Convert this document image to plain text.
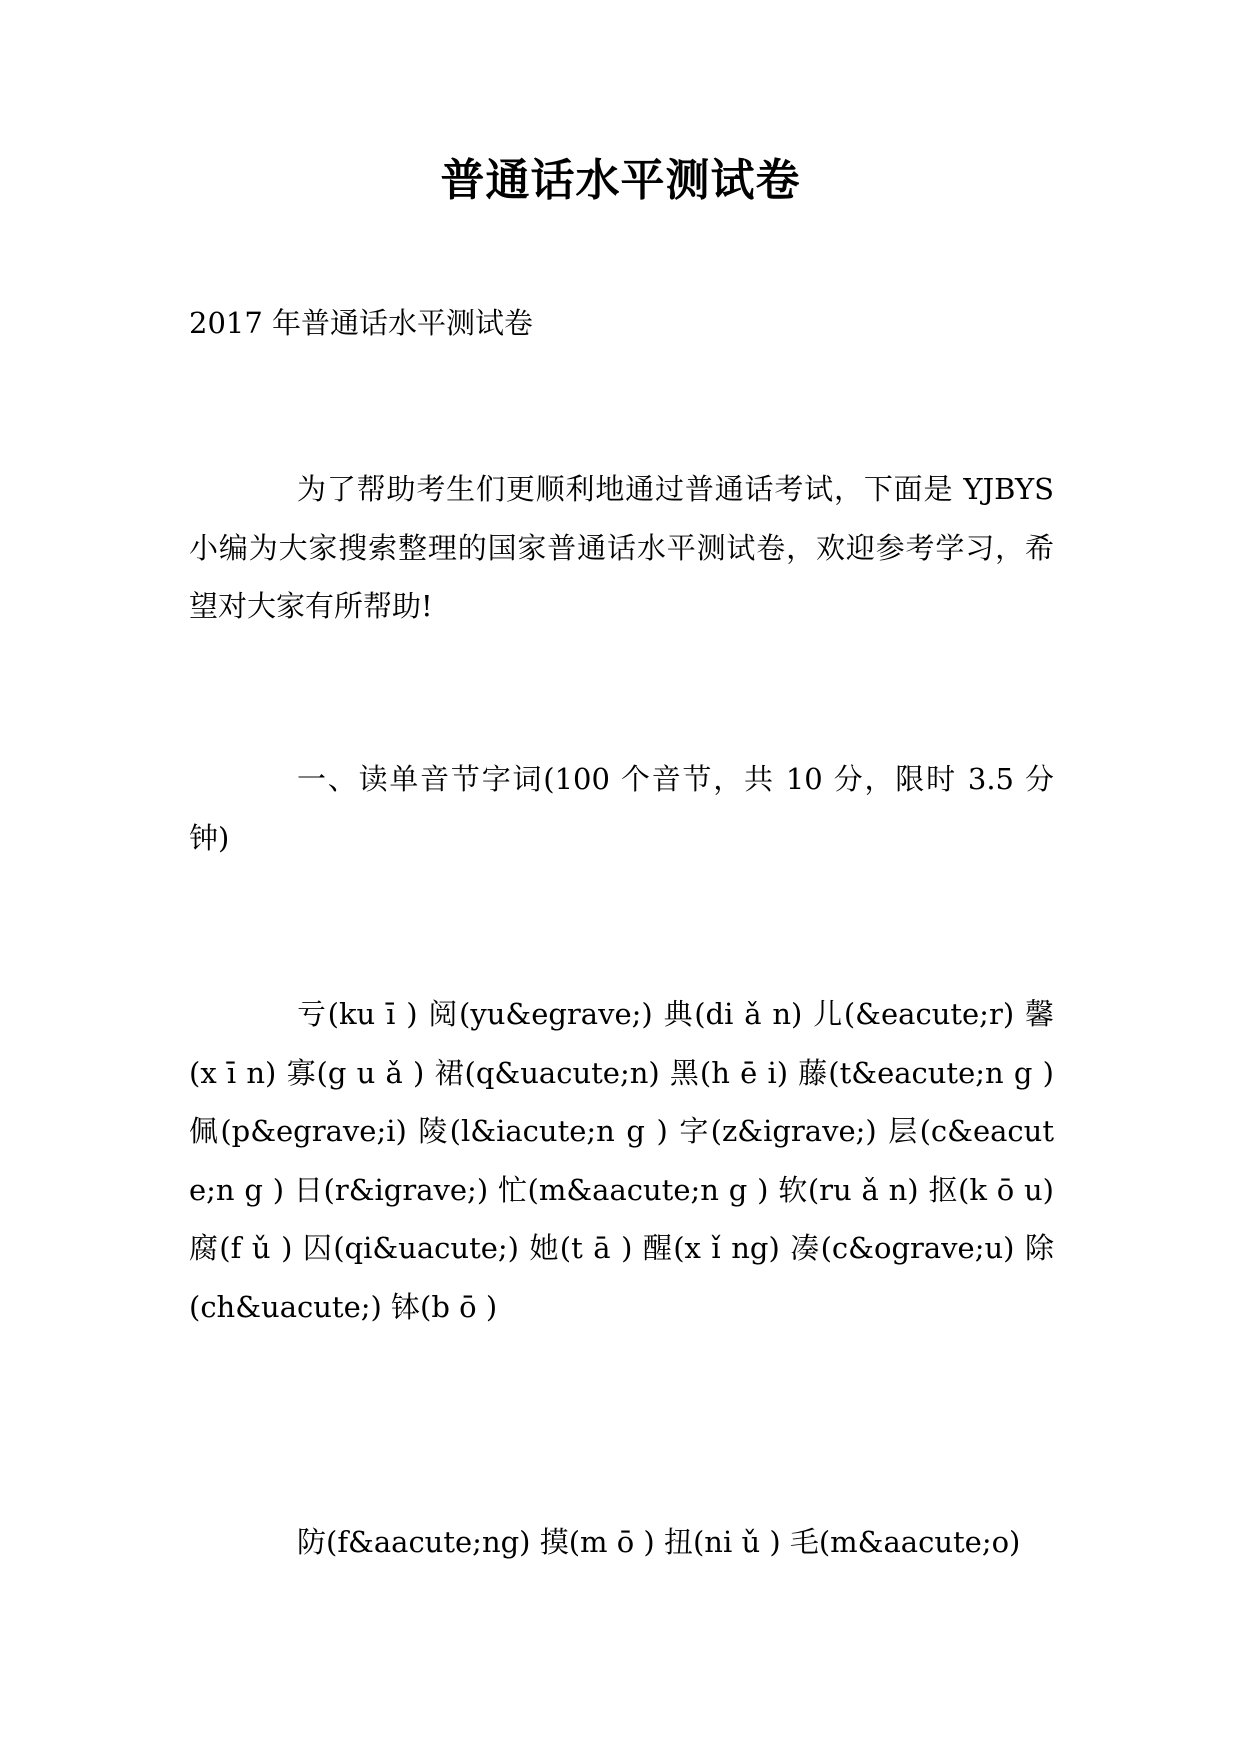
普通话水平测试卷
2017 年普通话水平测试卷
为了帮助考生们更顺利地通过普通话考试，下面是 YJBYS 小编为大家搜索整理的国家普通话水平测试卷，欢迎参考学习，希望对大家有所帮助!
一、读单音节字词(100 个音节，共 10 分，限时 3.5 分钟)
亏(ku ī ) 阅(yu&egrave;) 典(di ǎ n) 儿(&eacute;r) 馨(x ī n) 寡(g u ǎ ) 裙(q&uacute;n) 黑(h ē i) 藤(t&eacute;n g ) 佩(p&egrave;i) 陵(l&iacute;n g ) 字(z&igrave;) 层(c&eacute;n g ) 日(r&igrave;) 忙(m&aacute;n g ) 软(ru ǎ n) 抠(k ō u) 腐(f ǔ ) 囚(qi&uacute;) 她(t ā ) 醒(x ǐ ng) 凑(c&ograve;u) 除(ch&uacute;) 钵(b ō )
防(f&aacute;ng) 摸(m ō ) 扭(ni ǔ ) 毛(m&aacute;o)
